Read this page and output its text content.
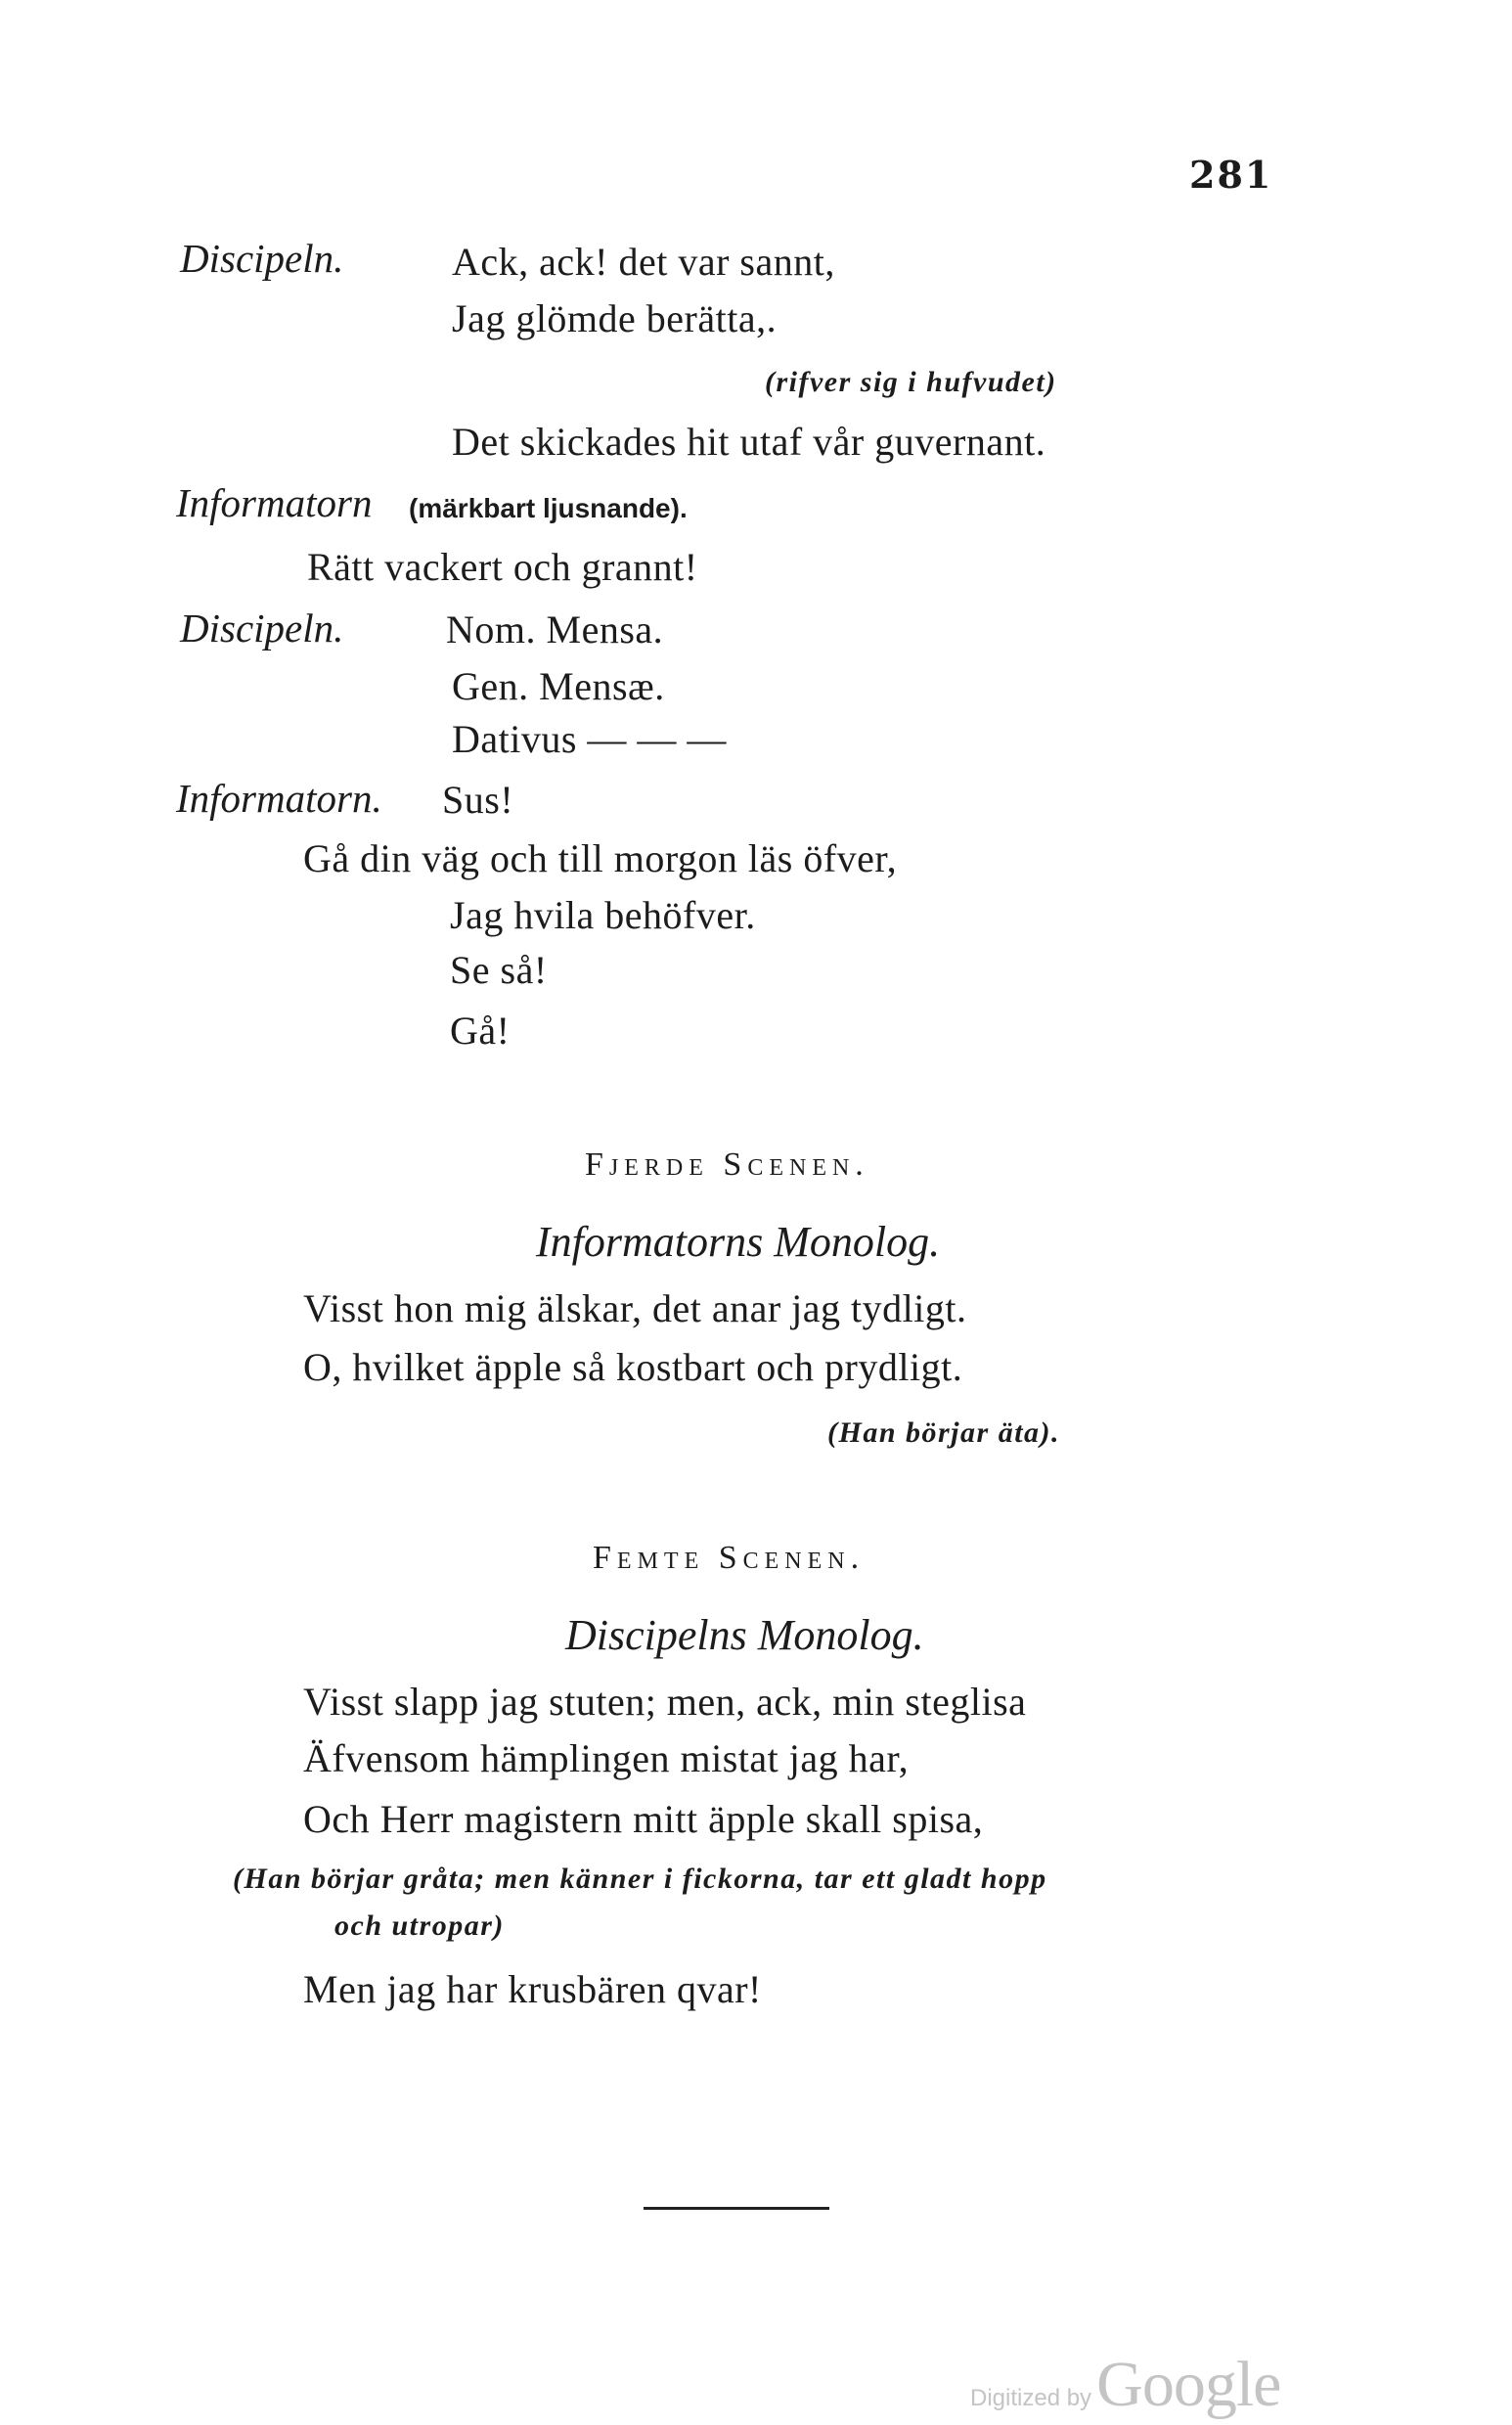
281
Discipeln.	Ack, ack! det var sannt,
Jag glömde berätta,.
(rifver sig i hufvudet)
Det skickades hit utaf vår guvernant.
Informatorn (märkbart ljusnande).
Rätt vackert och grannt!
Discipeln.	Nom. Mensa.
Gen. Mensæ.
Dativus — — —
Informatorn. Sus!
Gå din väg och till morgon läs öfver,
Jag hvila behöfver.
Se så!
Gå!
Fjerde Scenen.
Informatorns Monolog.
Visst hon mig älskar, det anar jag tydligt.
O, hvilket äpple så kostbart och prydligt.
(Han börjar äta).
Femte Scenen.
Discipelns Monolog.
Visst slapp jag stuten; men, ack, min steglisa
Äfvensom hämplingen mistat jag har,
Och Herr magistern mitt äpple skall spisa,
(Han börjar gråta; men känner i fickorna, tar ett gladt hopp
och utropar)
Men jag har krusbären qvar!
Digitized by Google
